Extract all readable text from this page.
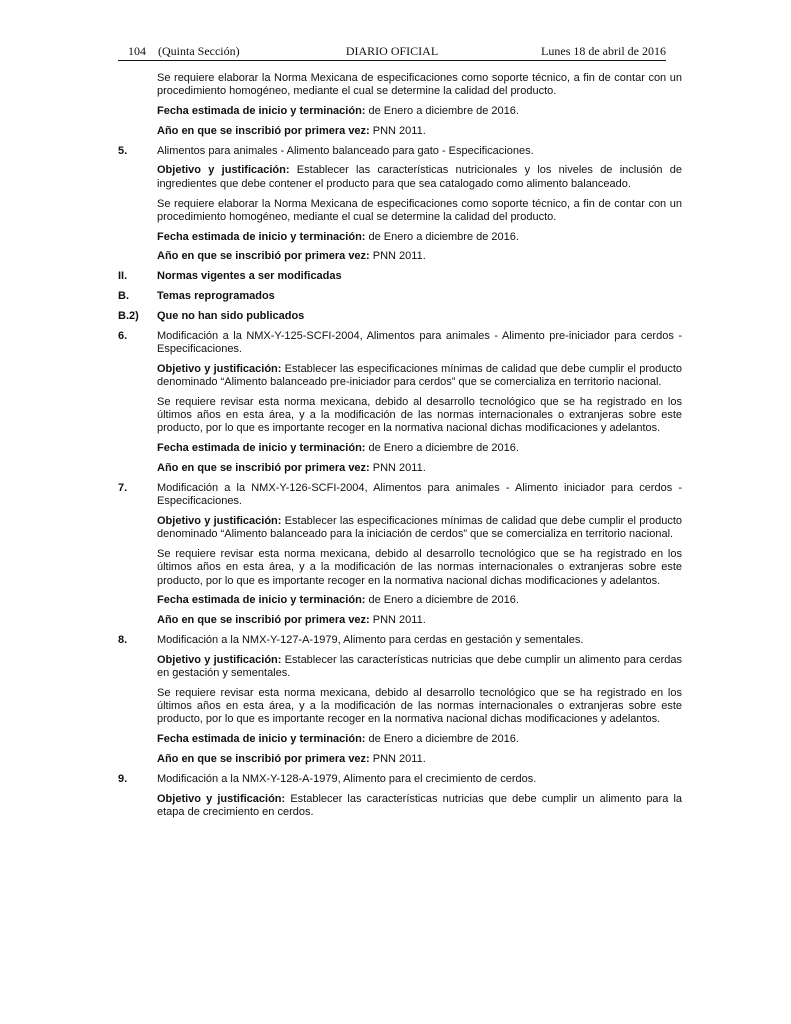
104 (Quinta Sección)	DIARIO OFICIAL	Lunes 18 de abril de 2016

Se requiere elaborar la Norma Mexicana de especificaciones como soporte técnico, a fin de contar con un procedimiento homogéneo, mediante el cual se determine la calidad del producto.

Fecha estimada de inicio y terminación: de Enero a diciembre de 2016.

Año en que se inscribió por primera vez: PNN 2011.

5.	Alimentos para animales - Alimento balanceado para gato - Especificaciones.

Objetivo y justificación: Establecer las características nutricionales y los niveles de inclusión de ingredientes que debe contener el producto para que sea catalogado como alimento balanceado.

Se requiere elaborar la Norma Mexicana de especificaciones como soporte técnico, a fin de contar con un procedimiento homogéneo, mediante el cual se determine la calidad del producto.

Fecha estimada de inicio y terminación: de Enero a diciembre de 2016.

Año en que se inscribió por primera vez: PNN 2011.

II.	Normas vigentes a ser modificadas
B.	Temas reprogramados
B.2)	Que no han sido publicados
6.	Modificación a la NMX-Y-125-SCFI-2004, Alimentos para animales - Alimento pre-iniciador para cerdos - Especificaciones.

Objetivo y justificación: Establecer las especificaciones mínimas de calidad que debe cumplir el producto denominado “Alimento balanceado pre-iniciador para cerdos” que se comercializa en territorio nacional.

Se requiere revisar esta norma mexicana, debido al desarrollo tecnológico que se ha registrado en los últimos años en esta área, y a la modificación de las normas internacionales o extranjeras sobre este producto, por lo que es importante recoger en la normativa nacional dichas modificaciones y adelantos.

Fecha estimada de inicio y terminación: de Enero a diciembre de 2016.

Año en que se inscribió por primera vez: PNN 2011.

7.	Modificación a la NMX-Y-126-SCFI-2004, Alimentos para animales - Alimento iniciador para cerdos - Especificaciones.

Objetivo y justificación: Establecer las especificaciones mínimas de calidad que debe cumplir el producto denominado “Alimento balanceado para la iniciación de cerdos” que se comercializa en territorio nacional.

Se requiere revisar esta norma mexicana, debido al desarrollo tecnológico que se ha registrado en los últimos años en esta área, y a la modificación de las normas internacionales o extranjeras sobre este producto, por lo que es importante recoger en la normativa nacional dichas modificaciones y adelantos.

Fecha estimada de inicio y terminación: de Enero a diciembre de 2016.

Año en que se inscribió por primera vez: PNN 2011.

8.	Modificación a la NMX-Y-127-A-1979, Alimento para cerdas en gestación y sementales.

Objetivo y justificación: Establecer las características nutricias que debe cumplir un alimento para cerdas en gestación y sementales.

Se requiere revisar esta norma mexicana, debido al desarrollo tecnológico que se ha registrado en los últimos años en esta área, y a la modificación de las normas internacionales o extranjeras sobre este producto, por lo que es importante recoger en la normativa nacional dichas modificaciones y adelantos.

Fecha estimada de inicio y terminación: de Enero a diciembre de 2016.

Año en que se inscribió por primera vez: PNN 2011.

9.	Modificación a la NMX-Y-128-A-1979, Alimento para el crecimiento de cerdos.

Objetivo y justificación: Establecer las características nutricias que debe cumplir un alimento para la etapa de crecimiento en cerdos.
